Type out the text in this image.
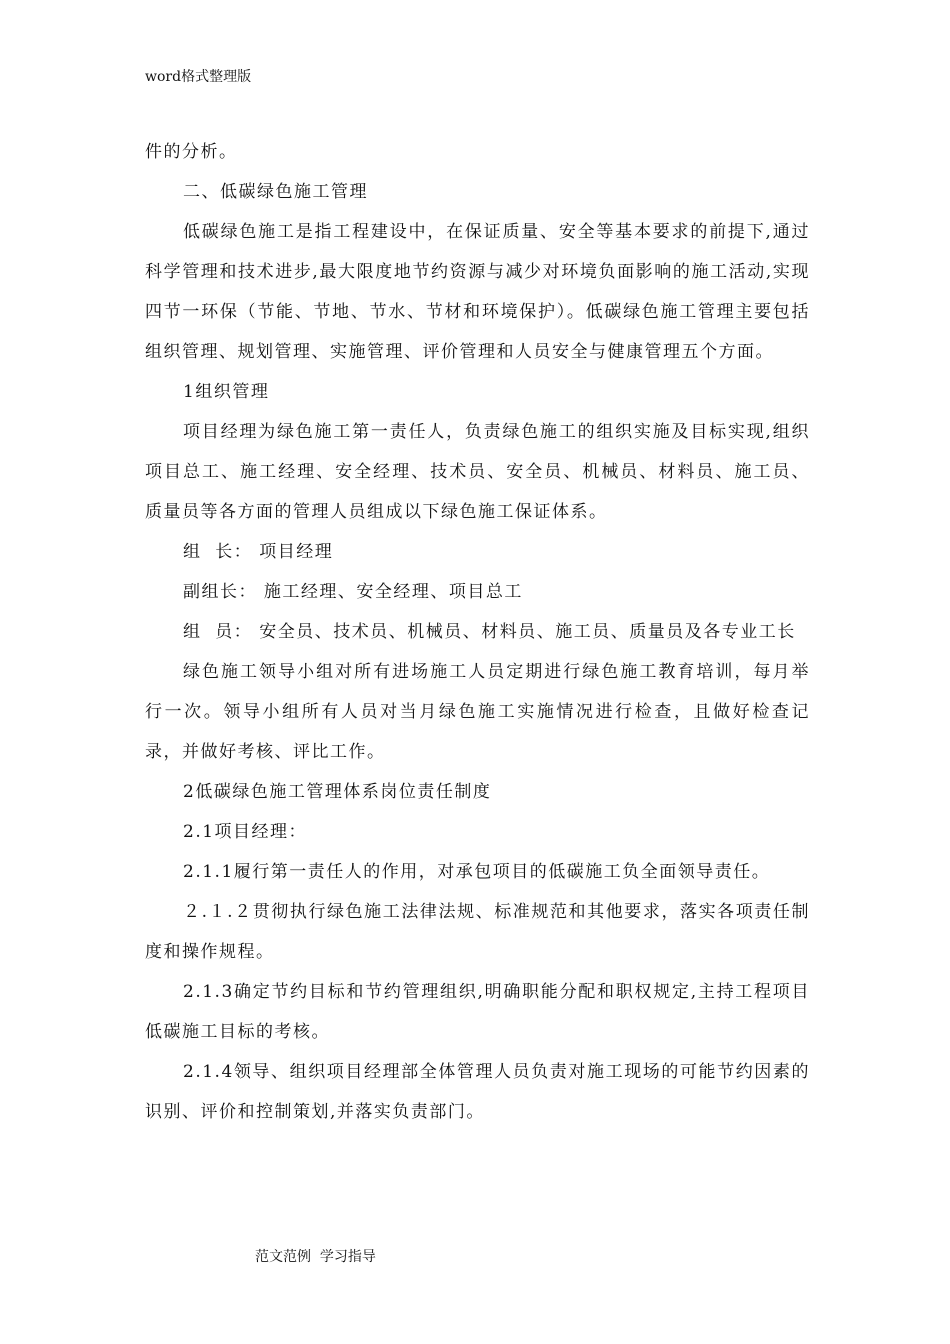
word格式整理版

件的分析。

二、低碳绿色施工管理

低碳绿色施工是指工程建设中，在保证质量、安全等基本要求的前提下,通过科学管理和技术进步,最大限度地节约资源与减少对环境负面影响的施工活动,实现四节一环保（节能、节地、节水、节材和环境保护）。低碳绿色施工管理主要包括组织管理、规划管理、实施管理、评价管理和人员安全与健康管理五个方面。

1组织管理

项目经理为绿色施工第一责任人，负责绿色施工的组织实施及目标实现,组织项目总工、施工经理、安全经理、技术员、安全员、机械员、材料员、施工员、质量员等各方面的管理人员组成以下绿色施工保证体系。

组  长： 项目经理

副组长： 施工经理、安全经理、项目总工

组  员： 安全员、技术员、机械员、材料员、施工员、质量员及各专业工长

绿色施工领导小组对所有进场施工人员定期进行绿色施工教育培训，每月举行一次。领导小组所有人员对当月绿色施工实施情况进行检查，且做好检查记录，并做好考核、评比工作。

2低碳绿色施工管理体系岗位责任制度

2.1项目经理：

2.1.1履行第一责任人的作用，对承包项目的低碳施工负全面领导责任。

２.１.２贯彻执行绿色施工法律法规、标准规范和其他要求，落实各项责任制度和操作规程。

2.1.3确定节约目标和节约管理组织,明确职能分配和职权规定,主持工程项目低碳施工目标的考核。

2.1.4领导、组织项目经理部全体管理人员负责对施工现场的可能节约因素的识别、评价和控制策划,并落实负责部门。

范文范例  学习指导
